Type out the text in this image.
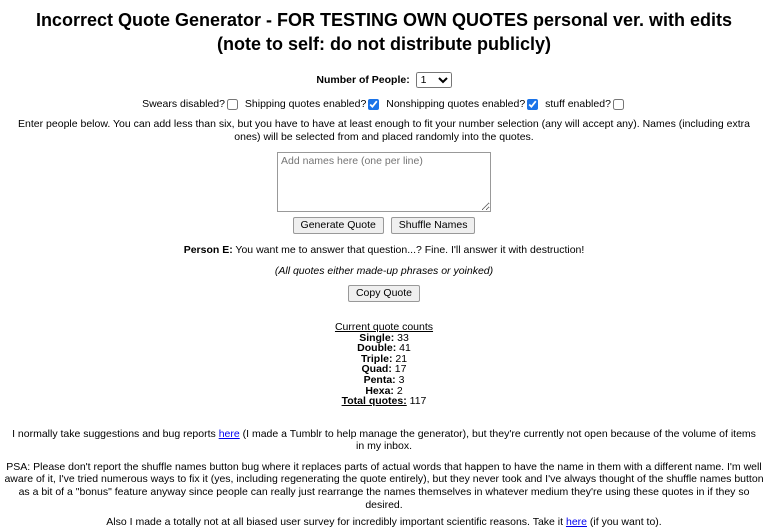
Incorrect Quote Generator - FOR TESTING OWN QUOTES personal ver. with edits
(note to self: do not distribute publicly)
Number of People:
1
Swears disabled? Shipping quotes enabled? Nonshipping quotes enabled? stuff enabled?
Enter people below. You can add less than six, but you have to have at least enough to fit your number selection (any will accept any). Names (including extra ones) will be selected from and placed randomly into the quotes.
Add names here (one per line)
Generate Quote Shuffle Names
Person E: You want me to answer that question...? Fine. I'll answer it with destruction!
(All quotes either made-up phrases or yoinked)
Copy Quote
Current quote counts
Single: 33
Double: 41
Triple: 21
Quad: 17
Penta: 3
Hexa: 2
Total quotes: 117
I normally take suggestions and bug reports here (I made a Tumblr to help manage the generator), but they're currently not open because of the volume of items in my inbox.
PSA: Please don't report the shuffle names button bug where it replaces parts of actual words that happen to have the name in them with a different name. I'm well aware of it, I've tried numerous ways to fix it (yes, including regenerating the quote entirely), but they never took and I've always thought of the shuffle names button as a bit of a "bonus" feature anyway since people can really just rearrange the names themselves in whatever medium they're using these quotes in if they so desired.
Also I made a totally not at all biased user survey for incredibly important scientific reasons. Take it here (if you want to).
